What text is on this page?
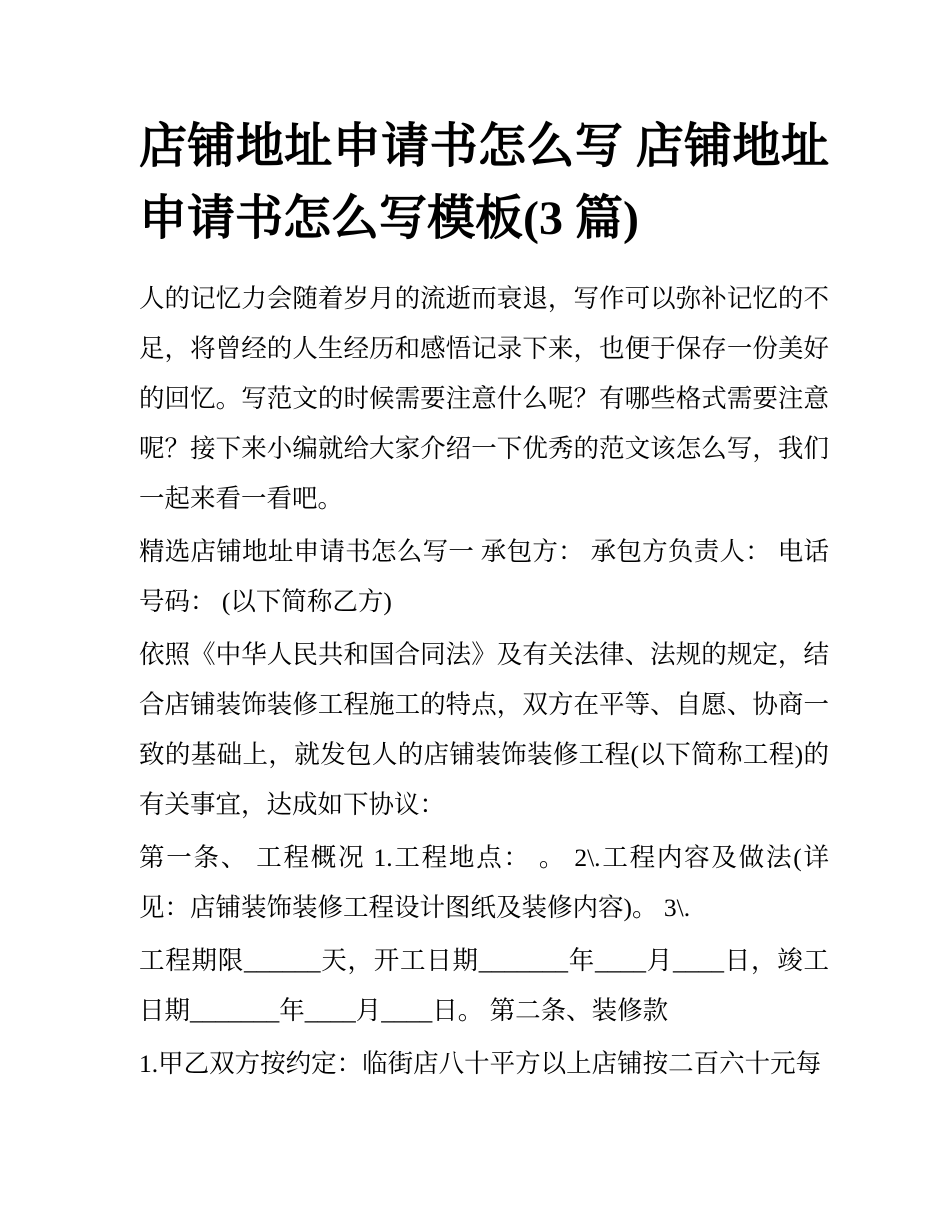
店铺地址申请书怎么写 店铺地址申请书怎么写模板(3 篇)

人的记忆力会随着岁月的流逝而衰退，写作可以弥补记忆的不足，将曾经的人生经历和感悟记录下来，也便于保存一份美好的回忆。写范文的时候需要注意什么呢？有哪些格式需要注意呢？接下来小编就给大家介绍一下优秀的范文该怎么写，我们一起来看一看吧。

精选店铺地址申请书怎么写一 承包方： 承包方负责人： 电话号码： (以下简称乙方)

依照《中华人民共和国合同法》及有关法律、法规的规定，结合店铺装饰装修工程施工的特点，双方在平等、自愿、协商一致的基础上，就发包人的店铺装饰装修工程(以下简称工程)的有关事宜，达成如下协议：

第一条、 工程概况 1.工程地点： 。 2\.工程内容及做法(详见：店铺装饰装修工程设计图纸及装修内容)。 3\.

工程期限______天，开工日期_______年____月____日，竣工日期_______年____月____日。 第二条、装修款

1.甲乙双方按约定：临街店八十平方以上店铺按二百六十元每
